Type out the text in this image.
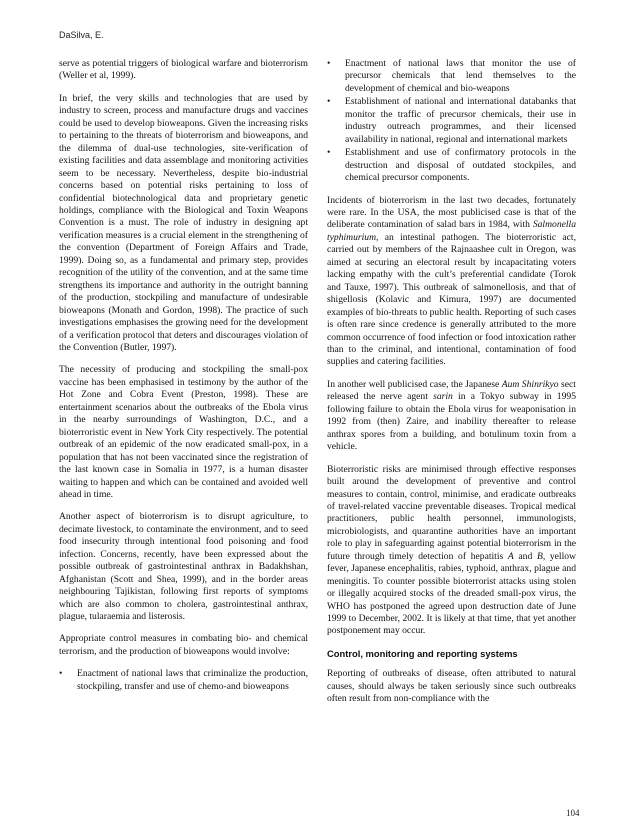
DaSilva, E.

serve as potential triggers of biological warfare and bioterrorism (Weller et al, 1999).

In brief, the very skills and technologies that are used by industry to screen, process and manufacture drugs and vaccines could be used to develop bioweapons. Given the increasing risks to pertaining to the threats of bioterrorism and bioweapons, and the dilemma of dual-use technologies, site-verification of existing facilities and data assemblage and monitoring activities seem to be necessary. Nevertheless, despite bio-industrial concerns based on potential risks pertaining to loss of confidential biotechnological data and proprietary genetic holdings, compliance with the Biological and Toxin Weapons Convention is a must. The role of industry in designing apt verification measures is a crucial element in the strengthening of the convention (Department of Foreign Affairs and Trade, 1999). Doing so, as a fundamental and primary step, provides recognition of the utility of the convention, and at the same time strengthens its importance and authority in the outright banning of the production, stockpiling and manufacture of undesirable bioweapons (Monath and Gordon, 1998). The practice of such investigations emphasises the growing need for the development of a verification protocol that deters and discourages violation of the Convention (Butler, 1997).

The necessity of producing and stockpiling the small-pox vaccine has been emphasised in testimony by the author of the Hot Zone and Cobra Event (Preston, 1998). These are entertainment scenarios about the outbreaks of the Ebola virus in the nearby surroundings of Washington, D.C., and a bioterroristic event in New York City respectively. The potential outbreak of an epidemic of the now eradicated small-pox, in a population that has not been vaccinated since the registration of the last known case in Somalia in 1977, is a human disaster waiting to happen and which can be contained and avoided well ahead in time.

Another aspect of bioterrorism is to disrupt agriculture, to decimate livestock, to contaminate the environment, and to seed food insecurity through intentional food poisoning and food infection. Concerns, recently, have been expressed about the possible outbreak of gastrointestinal anthrax in Badakhshan, Afghanistan (Scott and Shea, 1999), and in the border areas neighbouring Tajikistan, following first reports of symptoms which are also common to cholera, gastrointestinal anthrax, plague, tularaemia and listerosis.

Appropriate control measures in combating bio- and chemical terrorism, and the production of bioweapons would involve:

• Enactment of national laws that criminalize the production, stockpiling, transfer and use of chemo-and bioweapons
• Enactment of national laws that monitor the use of precursor chemicals that lend themselves to the development of chemical and bio-weapons
• Establishment of national and international databanks that monitor the traffic of precursor chemicals, their use in industry outreach programmes, and their licensed availability in national, regional and international markets
• Establishment and use of confirmatory protocols in the destruction and disposal of outdated stockpiles, and chemical precursor components.

Incidents of bioterrorism in the last two decades, fortunately were rare. In the USA, the most publicised case is that of the deliberate contamination of salad bars in 1984, with Salmonella typhimurium, an intestinal pathogen. The bioterroristic act, carried out by members of the Rajnaashee cult in Oregon, was aimed at securing an electoral result by incapacitating voters lacking empathy with the cult’s preferential candidate (Torok and Tauxe, 1997). This outbreak of salmonellosis, and that of shigellosis (Kolavic and Kimura, 1997) are documented examples of bio-threats to public health. Reporting of such cases is often rare since credence is generally attributed to the more common occurrence of food infection or food intoxication rather than to the criminal, and intentional, contamination of food supplies and catering facilities.

In another well publicised case, the Japanese Aum Shinrikyo sect released the nerve agent sarin in a Tokyo subway in 1995 following failure to obtain the Ebola virus for weaponisation in 1992 from (then) Zaire, and inability thereafter to release anthrax spores from a building, and botulinum toxin from a vehicle.

Bioterroristic risks are minimised through effective responses built around the development of preventive and control measures to contain, control, minimise, and eradicate outbreaks of travel-related vaccine preventable diseases. Tropical medical practitioners, public health personnel, immunologists, microbiologists, and quarantine authorities have an important role to play in safeguarding against potential bioterrorism in the future through timely detection of hepatitis A and B, yellow fever, Japanese encephalitis, rabies, typhoid, anthrax, plague and meningitis. To counter possible bioterrorist attacks using stolen or illegally acquired stocks of the dreaded small-pox virus, the WHO has postponed the agreed upon destruction date of June 1999 to December, 2002. It is likely at that time, that yet another postponement may occur.

Control, monitoring and reporting systems

Reporting of outbreaks of disease, often attributed to natural causes, should always be taken seriously since such outbreaks often result from non-compliance with the

104
